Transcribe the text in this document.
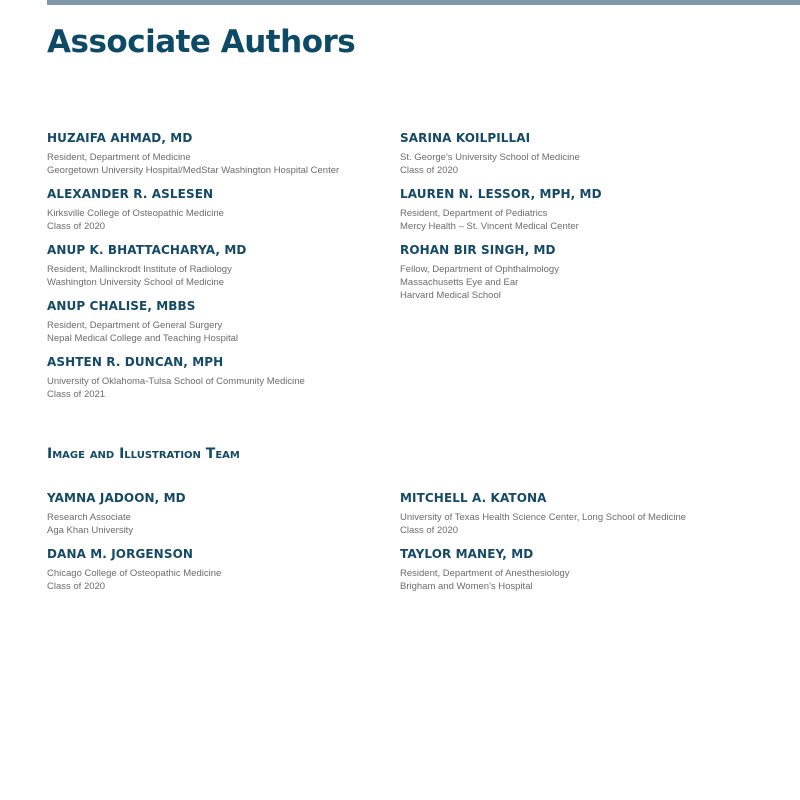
Associate Authors
HUZAIFA AHMAD, MD
Resident, Department of Medicine
Georgetown University Hospital/MedStar Washington Hospital Center
ALEXANDER R. ASLESEN
Kirksville College of Osteopathic Medicine
Class of 2020
ANUP K. BHATTACHARYA, MD
Resident, Mallinckrodt Institute of Radiology
Washington University School of Medicine
ANUP CHALISE, MBBS
Resident, Department of General Surgery
Nepal Medical College and Teaching Hospital
ASHTEN R. DUNCAN, MPH
University of Oklahoma-Tulsa School of Community Medicine
Class of 2021
SARINA KOILPILLAI
St. George's University School of Medicine
Class of 2020
LAUREN N. LESSOR, MPH, MD
Resident, Department of Pediatrics
Mercy Health – St. Vincent Medical Center
ROHAN BIR SINGH, MD
Fellow, Department of Ophthalmology
Massachusetts Eye and Ear
Harvard Medical School
Image and Illustration Team
YAMNA JADOON, MD
Research Associate
Aga Khan University
DANA M. JORGENSON
Chicago College of Osteopathic Medicine
Class of 2020
MITCHELL A. KATONA
University of Texas Health Science Center, Long School of Medicine
Class of 2020
TAYLOR MANEY, MD
Resident, Department of Anesthesiology
Brigham and Women's Hospital
